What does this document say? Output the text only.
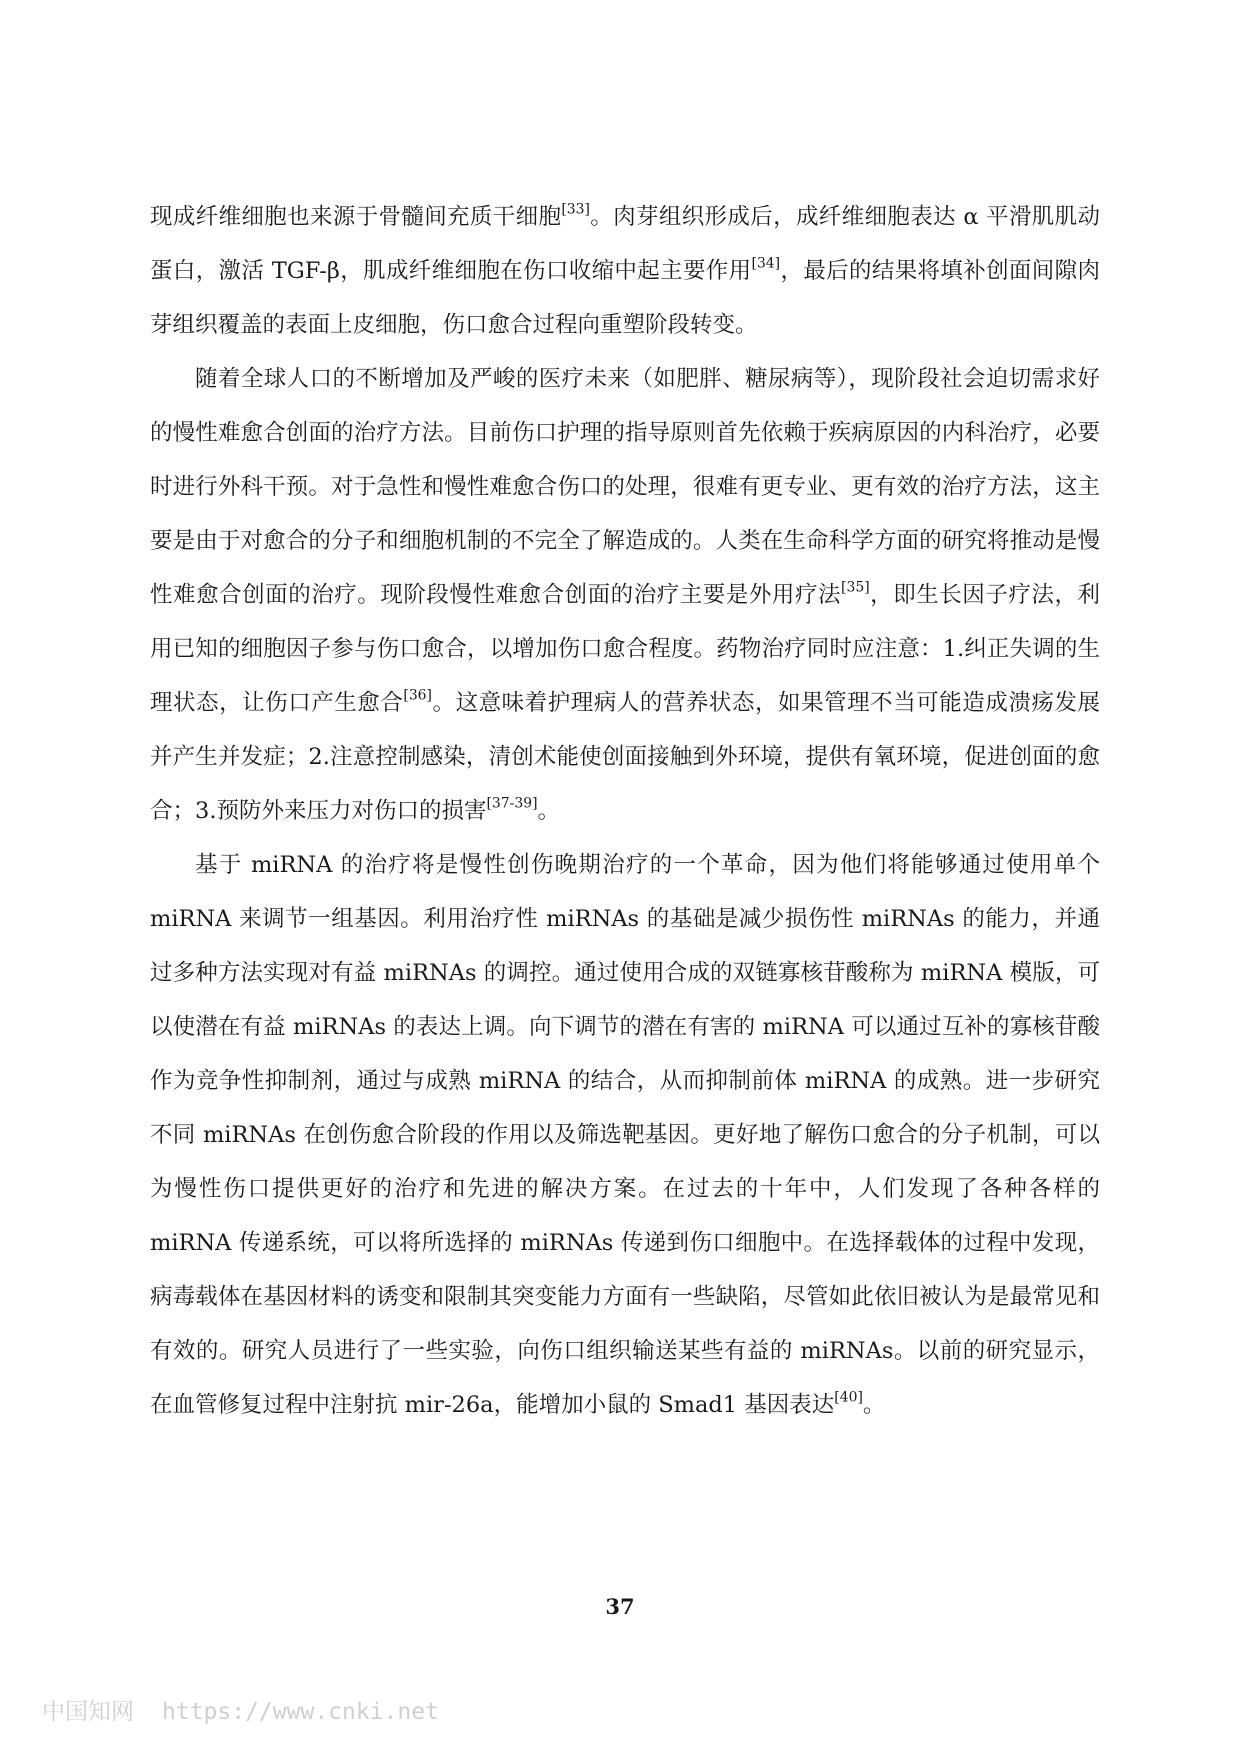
现成纤维细胞也来源于骨髓间充质干细胞[33]。肉芽组织形成后，成纤维细胞表达 α 平滑肌肌动蛋白，激活 TGF-β，肌成纤维细胞在伤口收缩中起主要作用[34]，最后的结果将填补创面间隙肉芽组织覆盖的表面上皮细胞，伤口愈合过程向重塑阶段转变。

随着全球人口的不断增加及严峻的医疗未来（如肥胖、糖尿病等），现阶段社会迫切需求好的慢性难愈合创面的治疗方法。目前伤口护理的指导原则首先依赖于疾病原因的内科治疗，必要时进行外科干预。对于急性和慢性难愈合伤口的处理，很难有更专业、更有效的治疗方法，这主要是由于对愈合的分子和细胞机制的不完全了解造成的。人类在生命科学方面的研究将推动是慢性难愈合创面的治疗。现阶段慢性难愈合创面的治疗主要是外用疗法[35]，即生长因子疗法，利用已知的细胞因子参与伤口愈合，以增加伤口愈合程度。药物治疗同时应注意：1.纠正失调的生理状态，让伤口产生愈合[36]。这意味着护理病人的营养状态，如果管理不当可能造成溃疡发展并产生并发症；2.注意控制感染，清创术能使创面接触到外环境，提供有氧环境，促进创面的愈合；3.预防外来压力对伤口的损害[37-39]。

基于 miRNA 的治疗将是慢性创伤晚期治疗的一个革命，因为他们将能够通过使用单个 miRNA 来调节一组基因。利用治疗性 miRNAs 的基础是减少损伤性 miRNAs 的能力，并通过多种方法实现对有益 miRNAs 的调控。通过使用合成的双链寡核苷酸称为 miRNA 模版，可以使潜在有益 miRNAs 的表达上调。向下调节的潜在有害的 miRNA 可以通过互补的寡核苷酸作为竞争性抑制剂，通过与成熟 miRNA 的结合，从而抑制前体 miRNA 的成熟。进一步研究不同 miRNAs 在创伤愈合阶段的作用以及筛选靶基因。更好地了解伤口愈合的分子机制，可以为慢性伤口提供更好的治疗和先进的解决方案。在过去的十年中，人们发现了各种各样的 miRNA 传递系统，可以将所选择的 miRNAs 传递到伤口细胞中。在选择载体的过程中发现，病毒载体在基因材料的诱变和限制其突变能力方面有一些缺陷，尽管如此依旧被认为是最常见和有效的。研究人员进行了一些实验，向伤口组织输送某些有益的 miRNAs。以前的研究显示，在血管修复过程中注射抗 mir-26a，能增加小鼠的 Smad1 基因表达[40]。

37
中国知网 https://www.cnki.net
